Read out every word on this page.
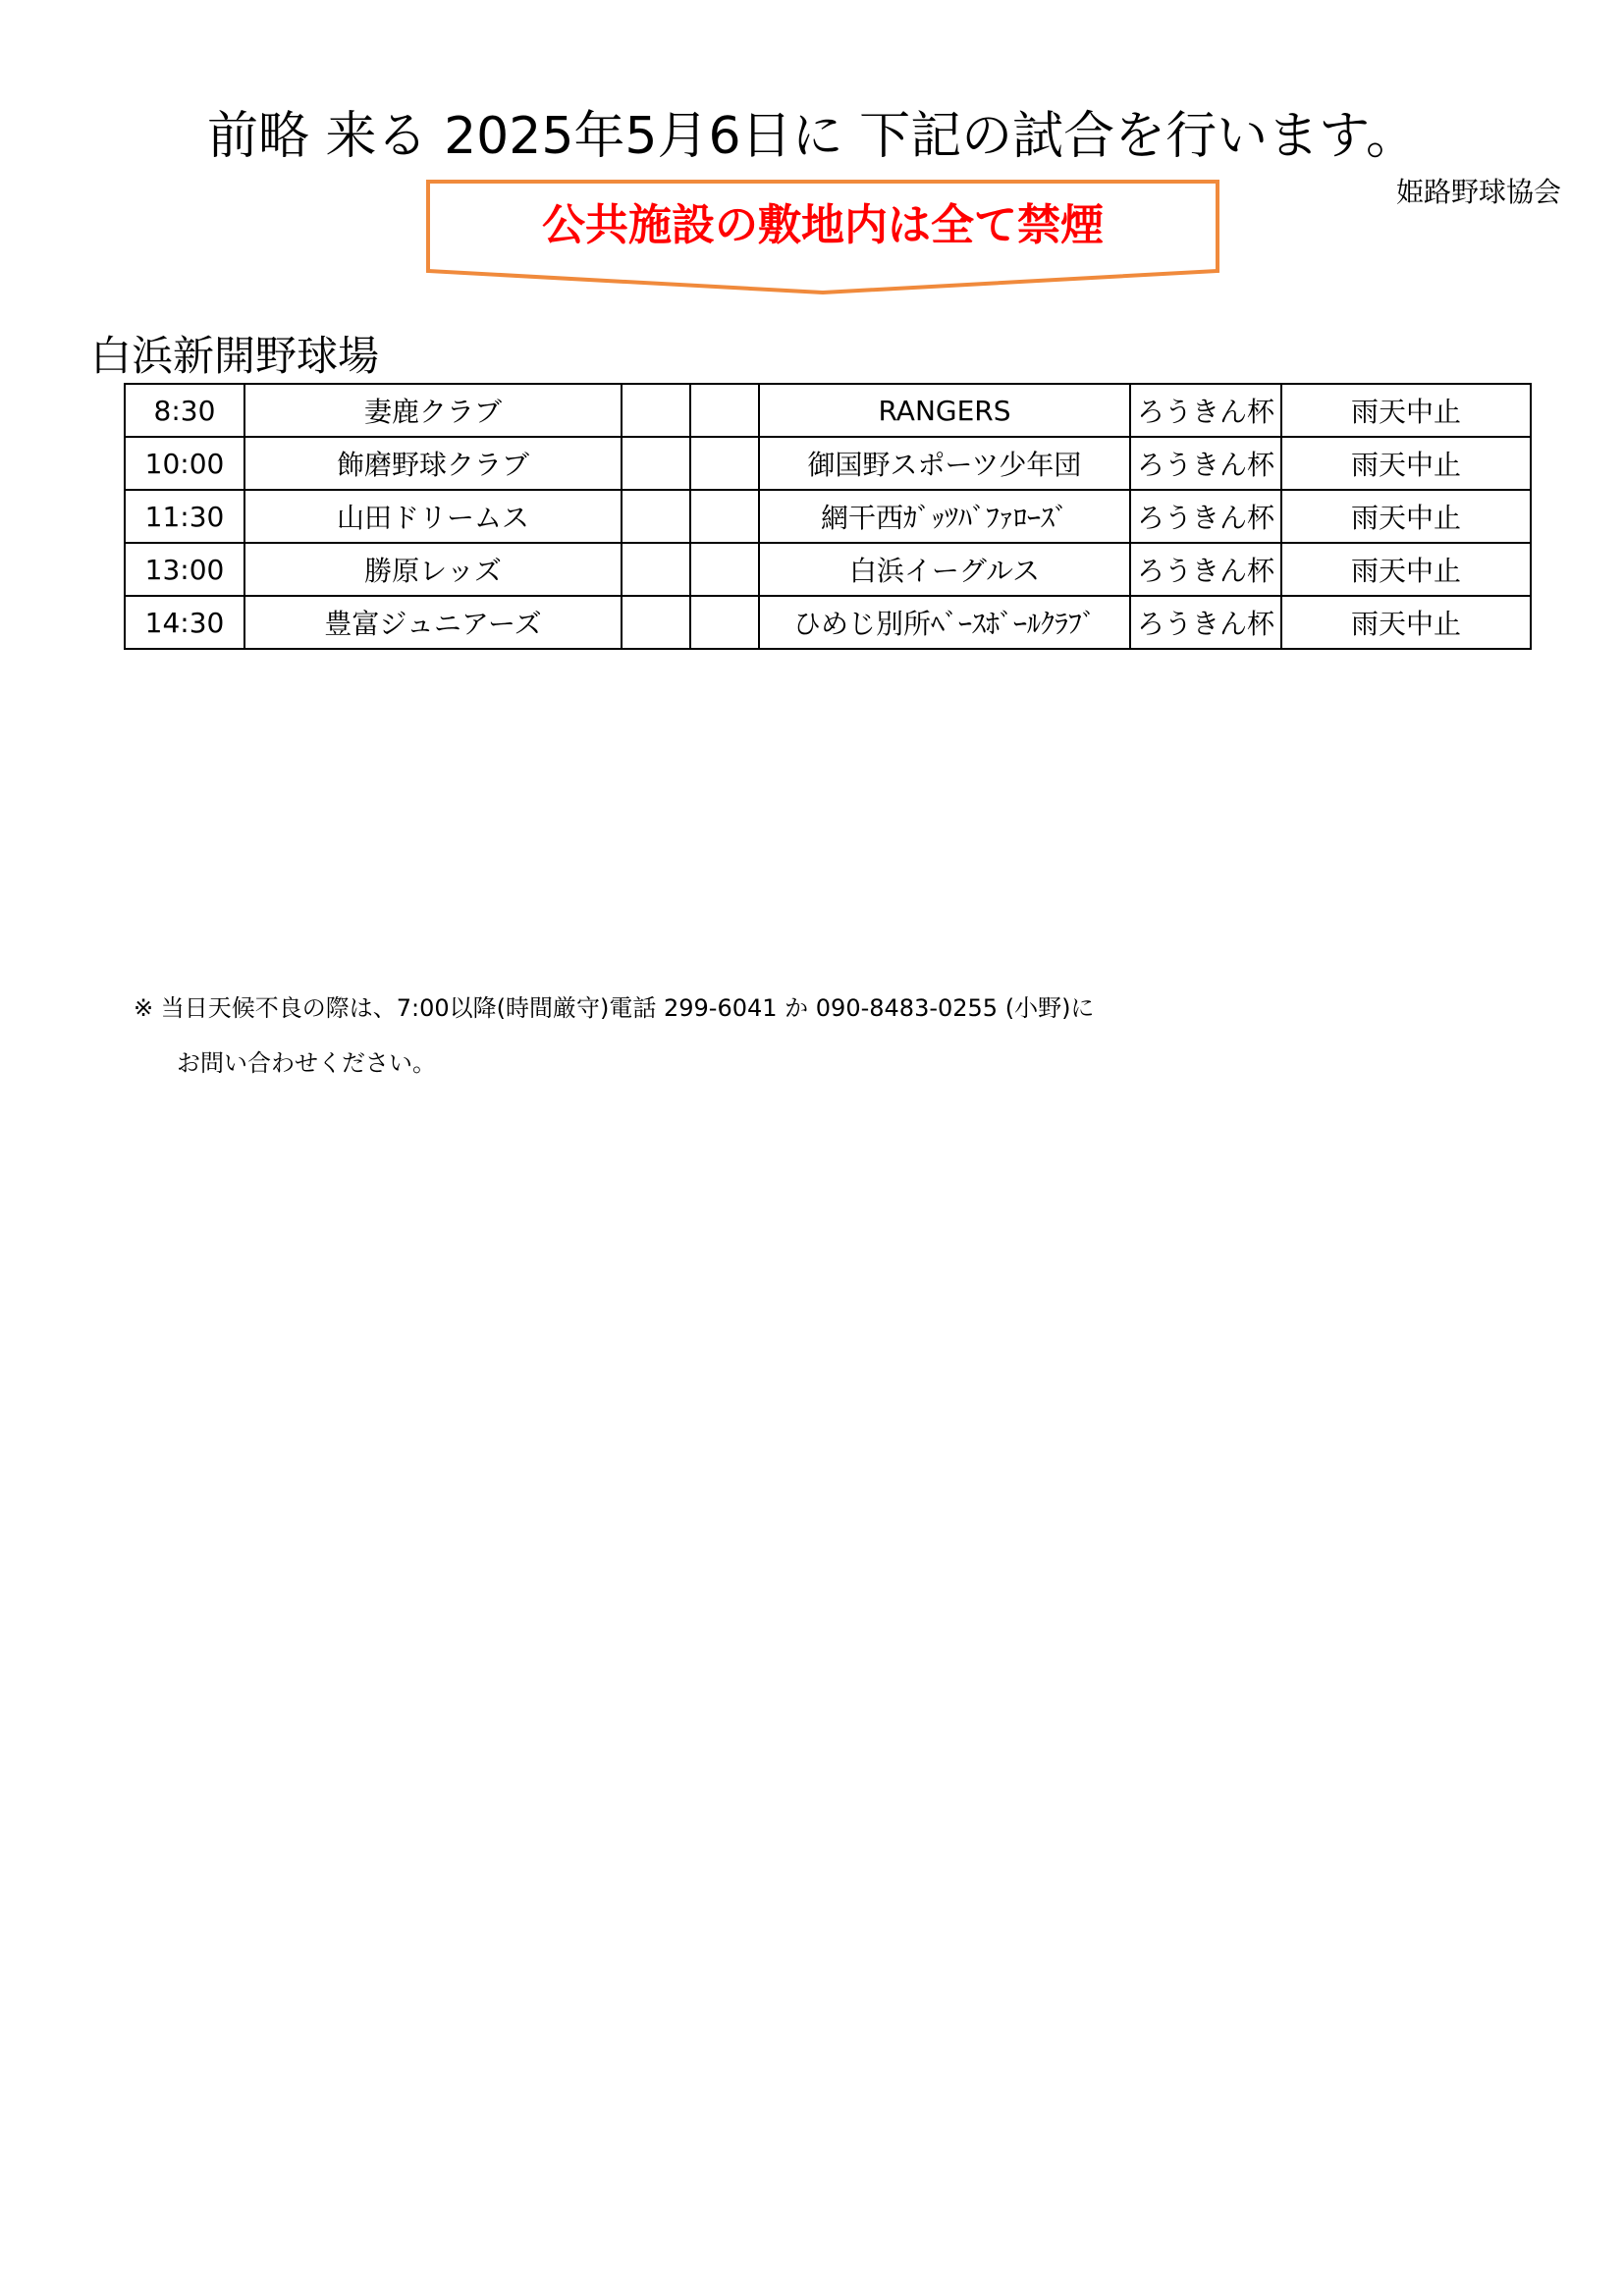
前略 来る 2025年5月6日に 下記の試合を行います。
姫路野球協会
公共施設の敷地内は全て禁煙
白浜新開野球場
8:30	妻鹿クラブ			RANGERS	ろうきん杯	雨天中止
10:00	飾磨野球クラブ			御国野スポーツ少年団	ろうきん杯	雨天中止
11:30	山田ドリームス			網干西ｶﾞｯﾂﾊﾞﾌｧﾛｰｽﾞ	ろうきん杯	雨天中止
13:00	勝原レッズ			白浜イーグルス	ろうきん杯	雨天中止
14:30	豊富ジュニアーズ			ひめじ別所ﾍﾞｰｽﾎﾞｰﾙｸﾗﾌﾞ	ろうきん杯	雨天中止
※ 当日天候不良の際は、7:00以降(時間厳守)電話 299-6041 か 090-8483-0255 (小野)に
お問い合わせください。
